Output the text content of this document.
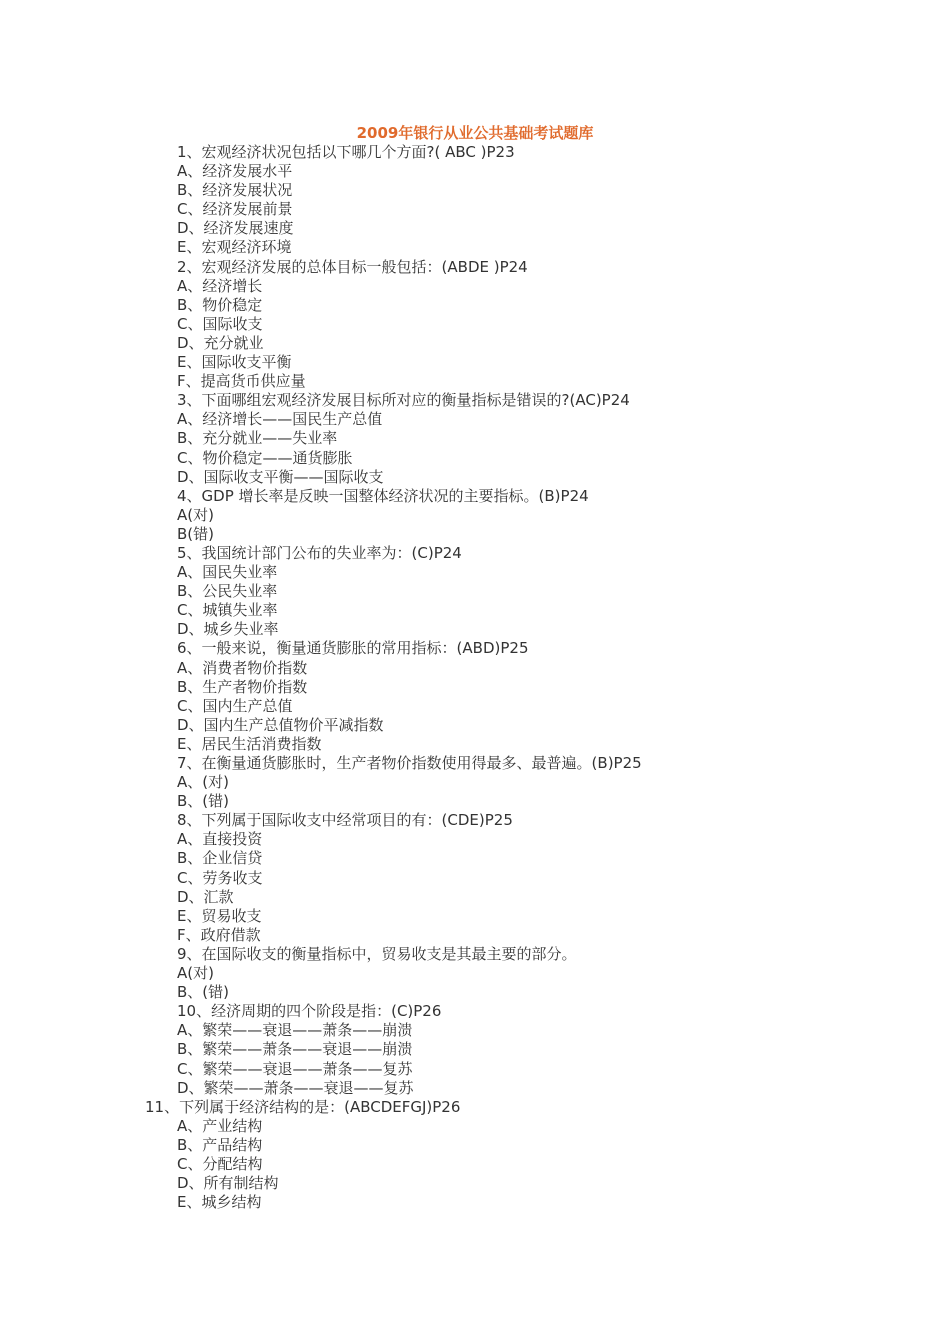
2009年银行从业公共基础考试题库
1、宏观经济状况包括以下哪几个方面?( ABC )P23
A、经济发展水平
B、经济发展状况
C、经济发展前景
D、经济发展速度
E、宏观经济环境
2、宏观经济发展的总体目标一般包括：(ABDE )P24
A、经济增长
B、物价稳定
C、国际收支
D、充分就业
E、国际收支平衡
F、提高货币供应量
3、下面哪组宏观经济发展目标所对应的衡量指标是错误的?(AC)P24
A、经济增长——国民生产总值
B、充分就业——失业率
C、物价稳定——通货膨胀
D、国际收支平衡——国际收支
4、GDP 增长率是反映一国整体经济状况的主要指标。(B)P24
A(对)
B(错)
5、我国统计部门公布的失业率为：(C)P24
A、国民失业率
B、公民失业率
C、城镇失业率
D、城乡失业率
6、一般来说，衡量通货膨胀的常用指标：(ABD)P25
A、消费者物价指数
B、生产者物价指数
C、国内生产总值
D、国内生产总值物价平减指数
E、居民生活消费指数
7、在衡量通货膨胀时，生产者物价指数使用得最多、最普遍。(B)P25
A、(对)
B、(错)
8、下列属于国际收支中经常项目的有：(CDE)P25
A、直接投资
B、企业信贷
C、劳务收支
D、汇款
E、贸易收支
F、政府借款
9、在国际收支的衡量指标中，贸易收支是其最主要的部分。
A(对)
B、(错)
10、经济周期的四个阶段是指：(C)P26
A、繁荣——衰退——萧条——崩溃
B、繁荣——萧条——衰退——崩溃
C、繁荣——衰退——萧条——复苏
D、繁荣——萧条——衰退——复苏
11、下列属于经济结构的是：(ABCDEFGJ)P26
A、产业结构
B、产品结构
C、分配结构
D、所有制结构
E、城乡结构
